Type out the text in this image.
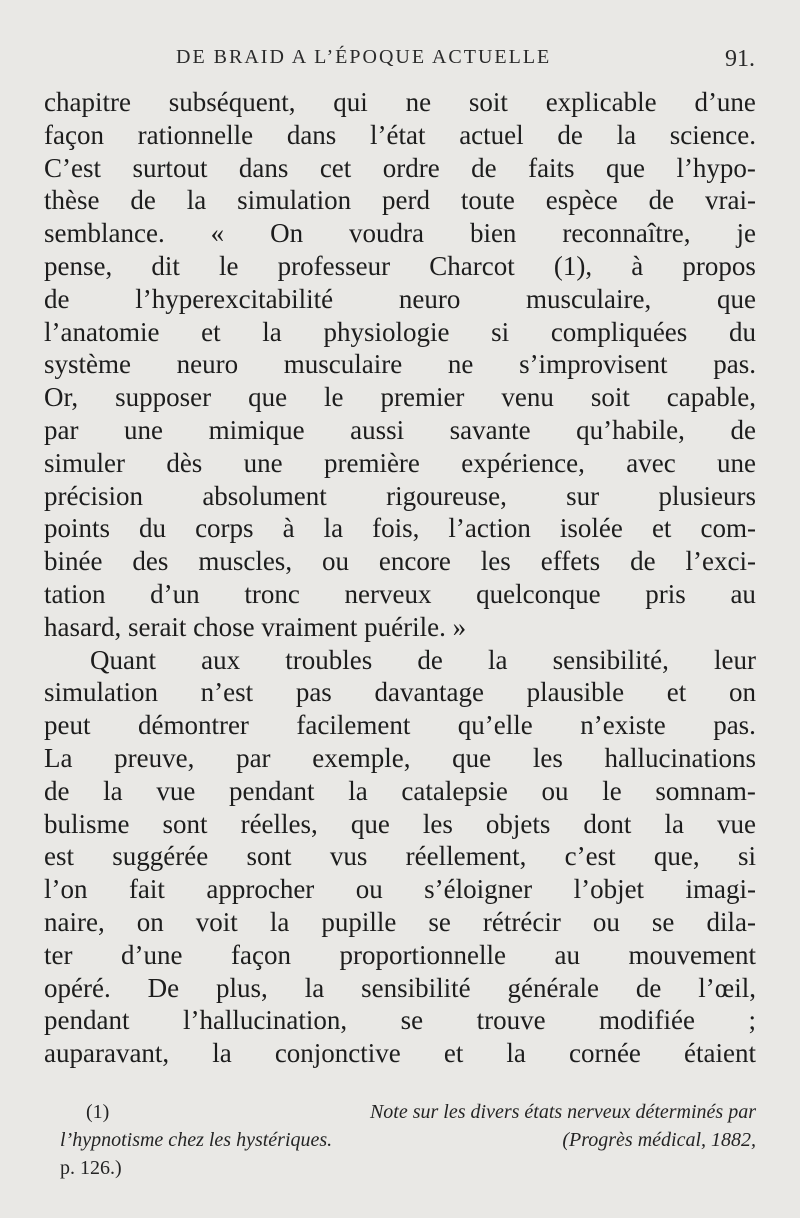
DE BRAID A L’ÉPOQUE ACTUELLE	91.
chapitre subséquent, qui ne soit explicable d’une
façon rationnelle dans l’état actuel de la science.
C’est surtout dans cet ordre de faits que l’hypo-
thèse de la simulation perd toute espèce de vrai-
semblance. « On voudra bien reconnaître, je
pense, dit le professeur Charcot (1), à propos
de l’hyperexcitabilité neuro musculaire, que
l’anatomie et la physiologie si compliquées du
système neuro musculaire ne s’improvisent pas.
Or, supposer que le premier venu soit capable,
par une mimique aussi savante qu’habile, de
simuler dès une première expérience, avec une
précision absolument rigoureuse, sur plusieurs
points du corps à la fois, l’action isolée et com-
binée des muscles, ou encore les effets de l’exci-
tation d’un tronc nerveux quelconque pris au
hasard, serait chose vraiment puérile. »
Quant aux troubles de la sensibilité, leur
simulation n’est pas davantage plausible et on
peut démontrer facilement qu’elle n’existe pas.
La preuve, par exemple, que les hallucinations
de la vue pendant la catalepsie ou le somnam-
bulisme sont réelles, que les objets dont la vue
est suggérée sont vus réellement, c’est que, si
l’on fait approcher ou s’éloigner l’objet imagi-
naire, on voit la pupille se rétrécir ou se dila-
ter d’une façon proportionnelle au mouvement
opéré. De plus, la sensibilité générale de l’œil,
pendant l’hallucination, se trouve modifiée ;
auparavant, la conjonctive et la cornée étaient
(1)	Note sur les divers états nerveux déterminés par
l’hypnotisme chez les hystériques.	(Progrès médical, 1882,
p. 126.)
